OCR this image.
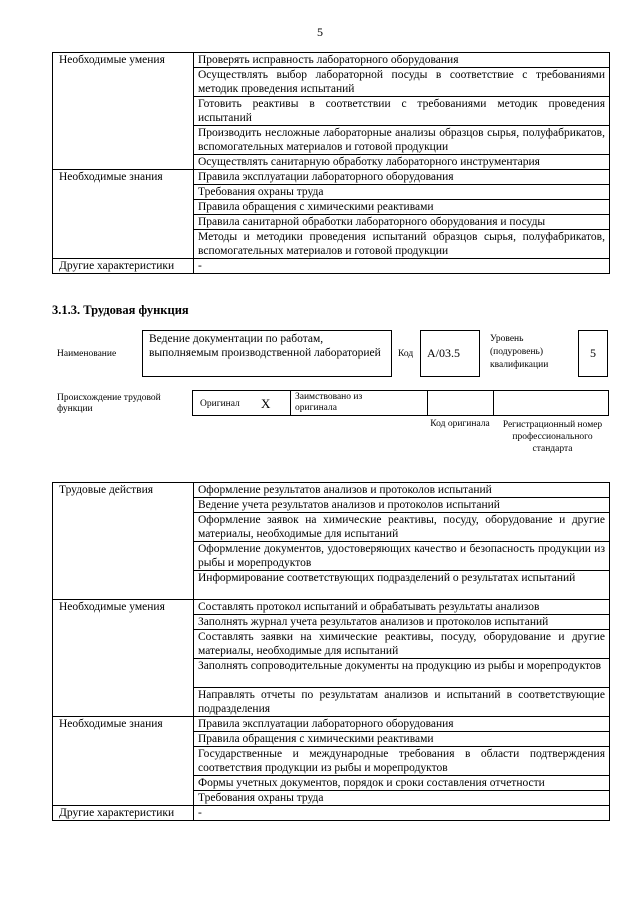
5
Необходимые умения	Проверять исправность лабораторного оборудования
	Осуществлять выбор лабораторной посуды в соответствие с требованиями методик проведения испытаний
	Готовить реактивы в соответствии с требованиями методик проведения испытаний
	Производить несложные лабораторные анализы образцов сырья, полуфабрикатов, вспомогательных материалов и готовой продукции
	Осуществлять санитарную обработку лабораторного инструментария
Необходимые знания	Правила эксплуатации лабораторного оборудования
	Требования охраны труда
	Правила обращения с химическими реактивами
	Правила санитарной обработки лабораторного оборудования и посуды
	Методы и методики проведения испытаний образцов сырья, полуфабрикатов, вспомогательных материалов и готовой продукции
Другие характеристики	-
3.1.3. Трудовая функция
Наименование
Ведение документации по работам, выполняемым производственной лабораторией	Код А/03.5
Уровень (подуровень) квалификации
5
Происхождение трудовой функции	Оригинал Х	Заимствовано из оригинала
Код оригинала	Регистрационный номер профессионального стандарта
Трудовые действия	Оформление результатов анализов и протоколов испытаний
	Ведение учета результатов анализов и протоколов испытаний
	Оформление заявок на химические реактивы, посуду, оборудование и другие материалы, необходимые для испытаний
	Оформление документов, удостоверяющих качество и безопасность продукции из рыбы и морепродуктов
	Информирование соответствующих подразделений о результатах испытаний
Необходимые умения	Составлять протокол испытаний и обрабатывать результаты анализов
	Заполнять журнал учета результатов анализов и протоколов испытаний
	Составлять заявки на химические реактивы, посуду, оборудование и другие материалы, необходимые для испытаний
	Заполнять сопроводительные документы на продукцию из рыбы и морепродуктов
	Направлять отчеты по результатам анализов и испытаний в соответствующие подразделения
Необходимые знания	Правила эксплуатации лабораторного оборудования
	Правила обращения с химическими реактивами
	Государственные и международные требования в области подтверждения соответствия продукции из рыбы и морепродуктов
	Формы учетных документов, порядок и сроки составления отчетности
	Требования охраны труда
Другие характеристики	-
